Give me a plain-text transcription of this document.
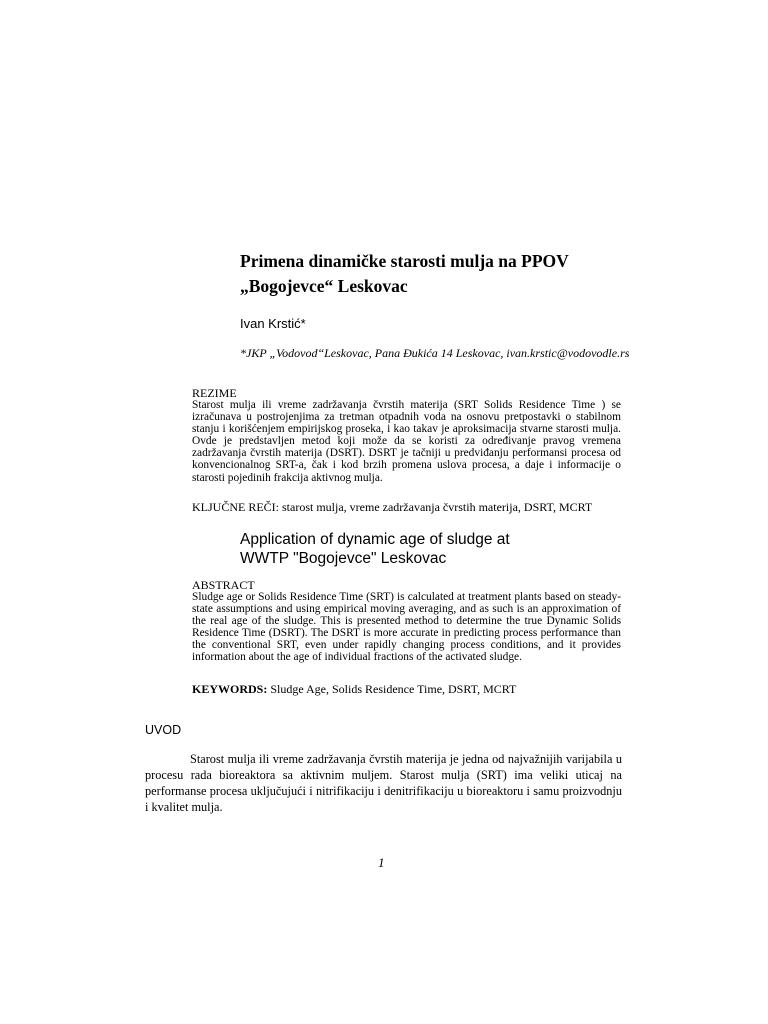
Primena dinamičke starosti mulja na PPOV
„Bogojevce“ Leskovac
Ivan Krstić*
*JKP „Vodovod“Leskovac, Pana Đukića 14 Leskovac, ivan.krstic@vodovodle.rs
REZIME

Starost mulja ili vreme zadržavanja čvrstih materija (SRT Solids Residence Time ) se izračunava u postrojenjima za tretman otpadnih voda na osnovu pretpostavki o stabilnom stanju i korišćenjem empirijskog proseka, i kao takav je aproksimacija stvarne starosti mulja. Ovde je predstavljen metod koji može da se koristi za određivanje pravog vremena zadržavanja čvrstih materija (DSRT). DSRT je tačniji u predviđanju performansi procesa od konvencionalnog SRT-a, čak i kod brzih promena uslova procesa, a daje i informacije o starosti pojedinih frakcija aktivnog mulja.

KLJUČNE REČI: starost mulja, vreme zadržavanja čvrstih materija, DSRT, MCRT
Application of dynamic age of sludge at
WWTP "Bogojevce" Leskovac
ABSTRACT

Sludge age or Solids Residence Time (SRT) is calculated at treatment plants based on steady-state assumptions and using empirical moving averaging, and as such is an approximation of the real age of the sludge. This is presented method to determine the true Dynamic Solids Residence Time (DSRT). The DSRT is more accurate in predicting process performance than the conventional SRT, even under rapidly changing process conditions, and it provides information about the age of individual fractions of the activated sludge.

KEYWORDS: Sludge Age, Solids Residence Time, DSRT, MCRT
UVOD

Starost mulja ili vreme zadržavanja čvrstih materija je jedna od najvažnijih varijabila u procesu rada bioreaktora sa aktivnim muljem. Starost mulja (SRT) ima veliki uticaj na performanse procesa uključujući i nitrifikaciju i denitrifikaciju u bioreaktoru i samu proizvodnju i kvalitet mulja.

1
